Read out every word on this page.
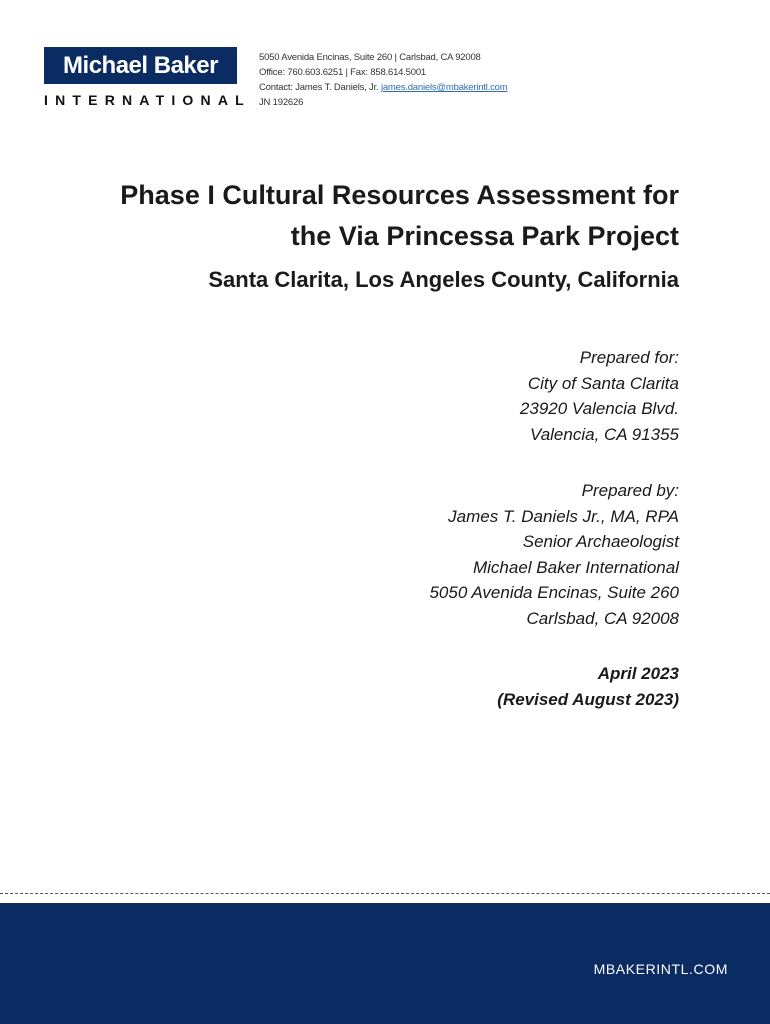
Michael Baker
INTERNATIONAL
5050 Avenida Encinas, Suite 260 | Carlsbad, CA 92008
Office: 760.603.6251 | Fax: 858.614.5001
Contact: James T. Daniels, Jr. james.daniels@mbakerintl.com
JN 192626
Phase I Cultural Resources Assessment for
the Via Princessa Park Project
Santa Clarita, Los Angeles County, California
Prepared for:
City of Santa Clarita
23920 Valencia Blvd.
Valencia, CA 91355
Prepared by:
James T. Daniels Jr., MA, RPA
Senior Archaeologist
Michael Baker International
5050 Avenida Encinas, Suite 260
Carlsbad, CA 92008
April 2023
(Revised August 2023)
MBAKERINTL.COM
